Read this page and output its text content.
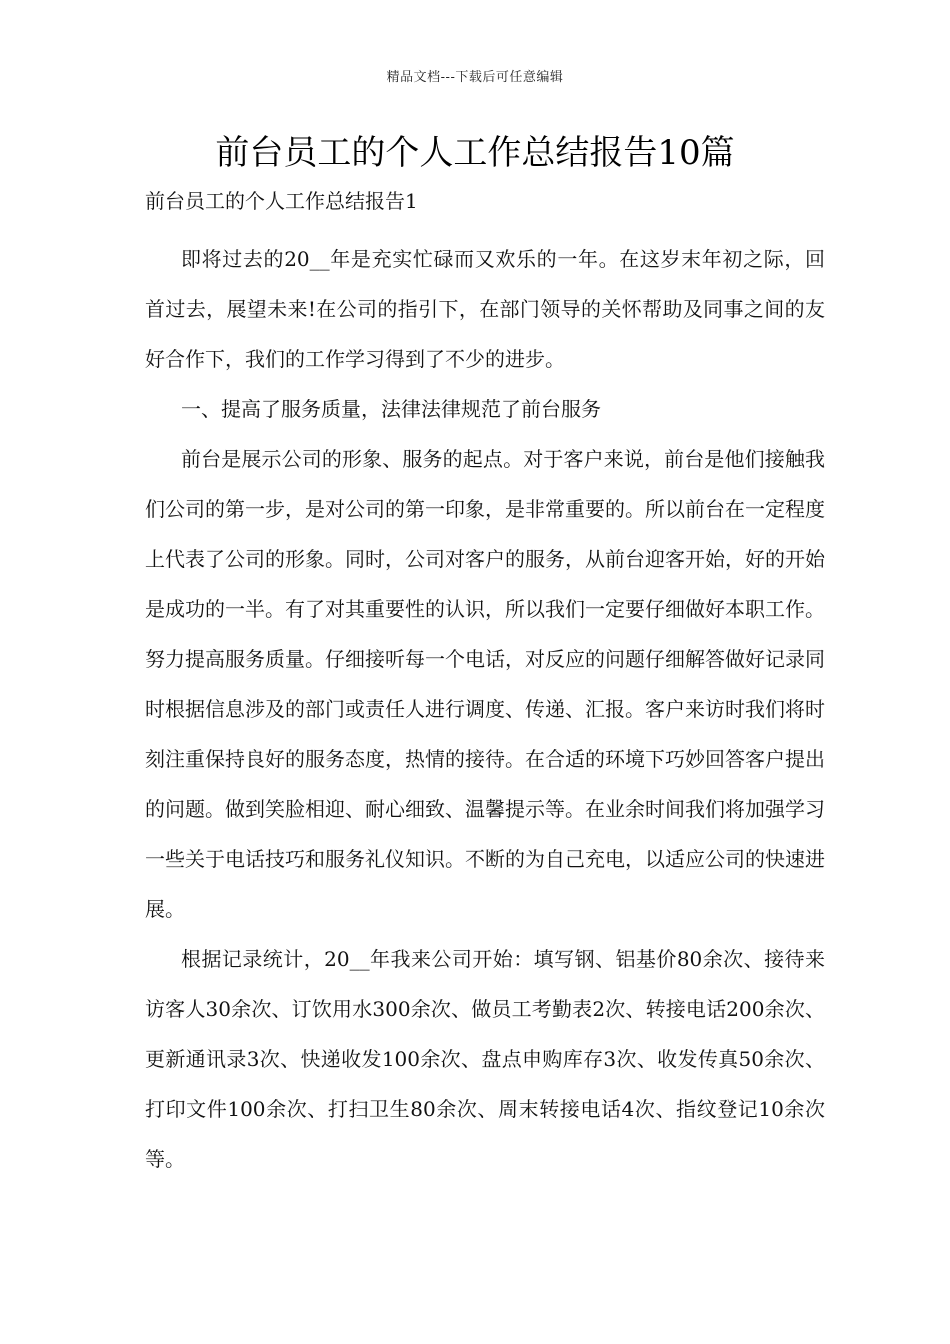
精品文档---下载后可任意编辑
前台员工的个人工作总结报告10篇

前台员工的个人工作总结报告1

即将过去的20__年是充实忙碌而又欢乐的一年。在这岁末年初之际，回首过去，展望未来!在公司的指引下，在部门领导的关怀帮助及同事之间的友好合作下，我们的工作学习得到了不少的进步。

一、提高了服务质量，法律法律规范了前台服务

前台是展示公司的形象、服务的起点。对于客户来说，前台是他们接触我们公司的第一步，是对公司的第一印象，是非常重要的。所以前台在一定程度上代表了公司的形象。同时，公司对客户的服务，从前台迎客开始，好的开始是成功的一半。有了对其重要性的认识，所以我们一定要仔细做好本职工作。努力提高服务质量。仔细接听每一个电话，对反应的问题仔细解答做好记录同时根据信息涉及的部门或责任人进行调度、传递、汇报。客户来访时我们将时刻注重保持良好的服务态度，热情的接待。在合适的环境下巧妙回答客户提出的问题。做到笑脸相迎、耐心细致、温馨提示等。在业余时间我们将加强学习一些关于电话技巧和服务礼仪知识。不断的为自己充电，以适应公司的快速进展。

根据记录统计，20__年我来公司开始：填写钢、铝基价80余次、接待来访客人30余次、订饮用水300余次、做员工考勤表2次、转接电话200余次、更新通讯录3次、快递收发100余次、盘点申购库存3次、收发传真50余次、打印文件100余次、打扫卫生80余次、周末转接电话4次、指纹登记10余次等。
